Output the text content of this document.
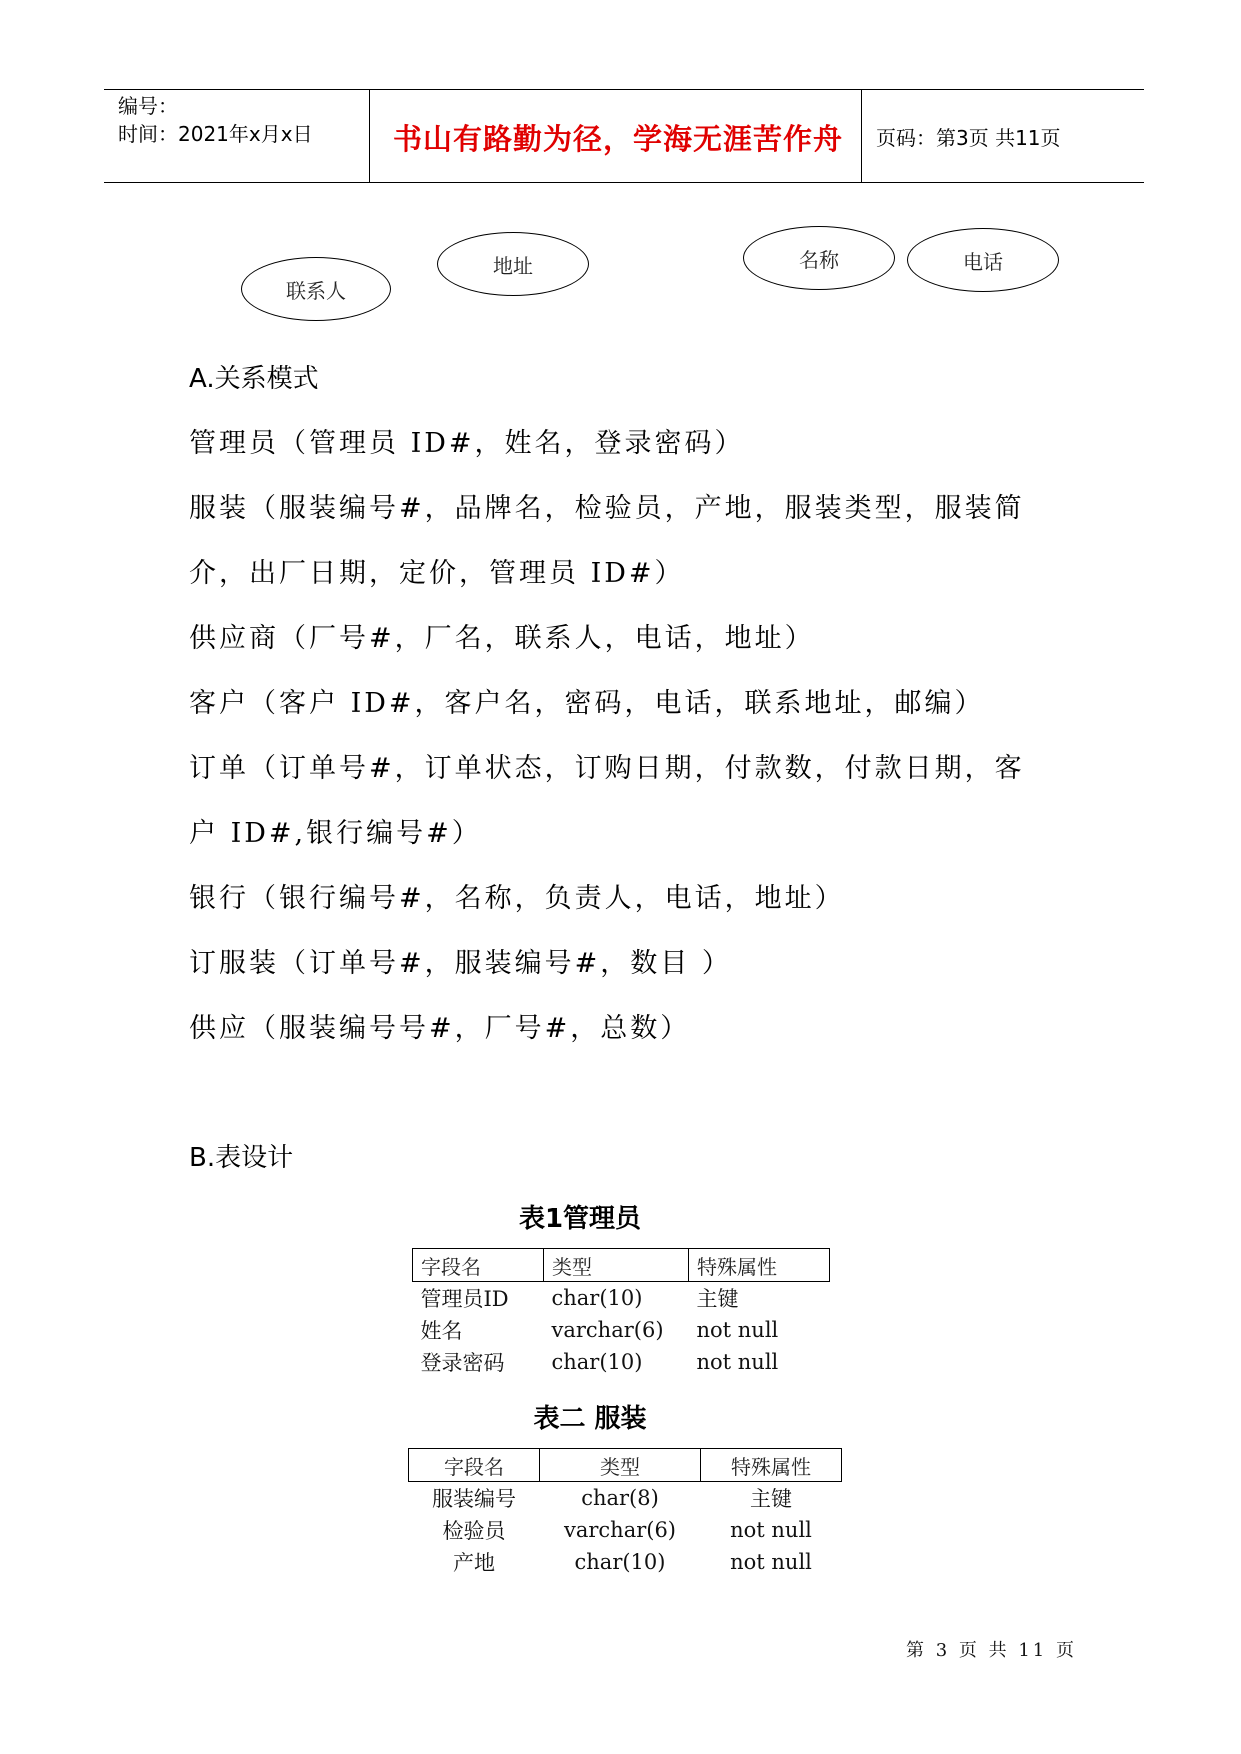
编号：
时间：2021年x月x日	书山有路勤为径，学海无涯苦作舟 页码：第3页 共11页
联系人
地址	名称	电话
A.关系模式
管理员（管理员 ID#，姓名，登录密码）
服装（服装编号#，品牌名，检验员，产地，服装类型，服装简
介，出厂日期，定价，管理员 ID#）
供应商（厂号#，厂名，联系人，电话，地址）
客户（客户 ID#，客户名，密码，电话，联系地址，邮编）
订单（订单号#，订单状态，订购日期，付款数，付款日期，客
户 ID#,银行编号#）
银行（银行编号#，名称，负责人，电话，地址）
订服装（订单号#，服装编号#，数目 ）
供应（服装编号号#，厂号#，总数）
B.表设计
表1管理员
字段名	类型	特殊属性
管理员ID	char(10)	主键
姓名	varchar(6)	not null
登录密码	char(10)	not null
表二 服装
字段名	类型	特殊属性
服装编号	char(8)	主键
检验员	varchar(6)	not null
产地	char(10)	not null
第 3 页 共 11 页
